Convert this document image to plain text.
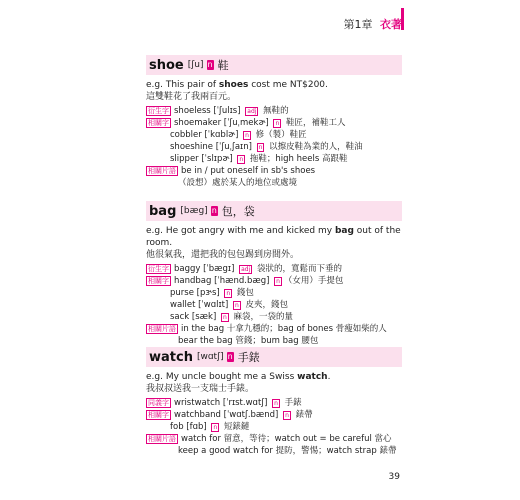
第1章 衣著
shoe [ʃu] n 鞋
e.g. This pair of shoes cost me NT$200.
這雙鞋花了我兩百元。
衍生字 shoeless [ˈʃulɪs] adj 無鞋的
相關字 shoemaker [ˈʃuˌmekɚ] n 鞋匠，補鞋工人
cobbler [ˈkɑblɚ] n 修（製）鞋匠
shoeshine [ˈʃuˌʃaɪn] n 以擦皮鞋為業的人，鞋油
slipper [ˈslɪpɚ] n 拖鞋；high heels 高跟鞋
相關片語 be in / put oneself in sb's shoes
（設想）處於某人的地位或處境
bag [bæg] n 包，袋
e.g. He got angry with me and kicked my bag out of the room.
他很氣我，還把我的包包踢到房間外。
衍生字 baggy [ˈbægɪ] adj 袋狀的，寬鬆而下垂的
相關字 handbag [ˈhænd.bæg] n （女用）手提包
purse [pɝs] n 錢包
wallet [ˈwɑlɪt] n 皮夾，錢包
sack [sæk] n 麻袋，一袋的量
相關片語 in the bag 十拿九穩的；bag of bones 骨瘦如柴的人
bear the bag 管錢；bum bag 腰包
watch [wɑtʃ] n 手錶
e.g. My uncle bought me a Swiss watch.
我叔叔送我一支瑞士手錶。
同義字 wristwatch [ˈrɪst.wɑtʃ] n 手錶
相關字 watchband [ˈwɑtʃ.bænd] n 錶帶
fob [fɑb] n 短錶鏈
相關片語 watch for 留意，等待；watch out = be careful 當心
keep a good watch for 提防，警惕；watch strap 錶帶
39
